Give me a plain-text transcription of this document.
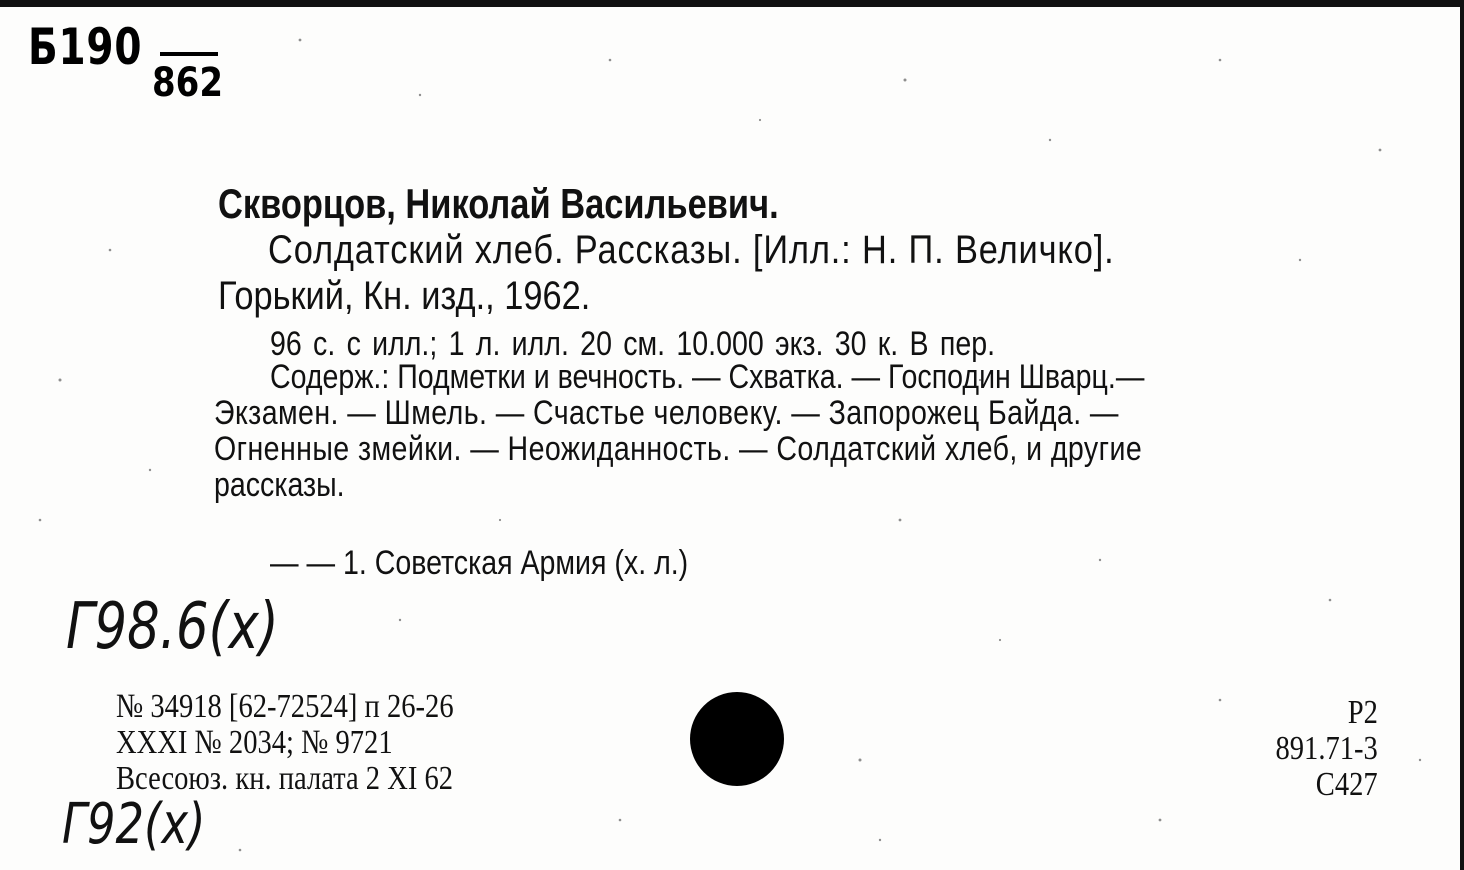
Б190
862
Скворцов, Николай Васильевич.
Солдатский хлеб. Рассказы. [Илл.: Н. П. Величко].
Горький, Кн. изд., 1962.
96 с. с илл.; 1 л. илл. 20 см. 10.000 экз. 30 к. В пер.
Содерж.: Подметки и вечность. — Схватка. — Господин Шварц.—
Экзамен. — Шмель. — Счастье человеку. — Запорожец Байда. —
Огненные змейки. — Неожиданность. — Солдатский хлеб, и другие
рассказы.
— — 1. Советская Армия (х. л.)
Г98.6(х)
№ 34918 [62-72524] п 26-26
XXXI № 2034; № 9721
Всесоюз. кн. палата 2 XI 62
Г92(х)
Р2
891.71-3
С427
